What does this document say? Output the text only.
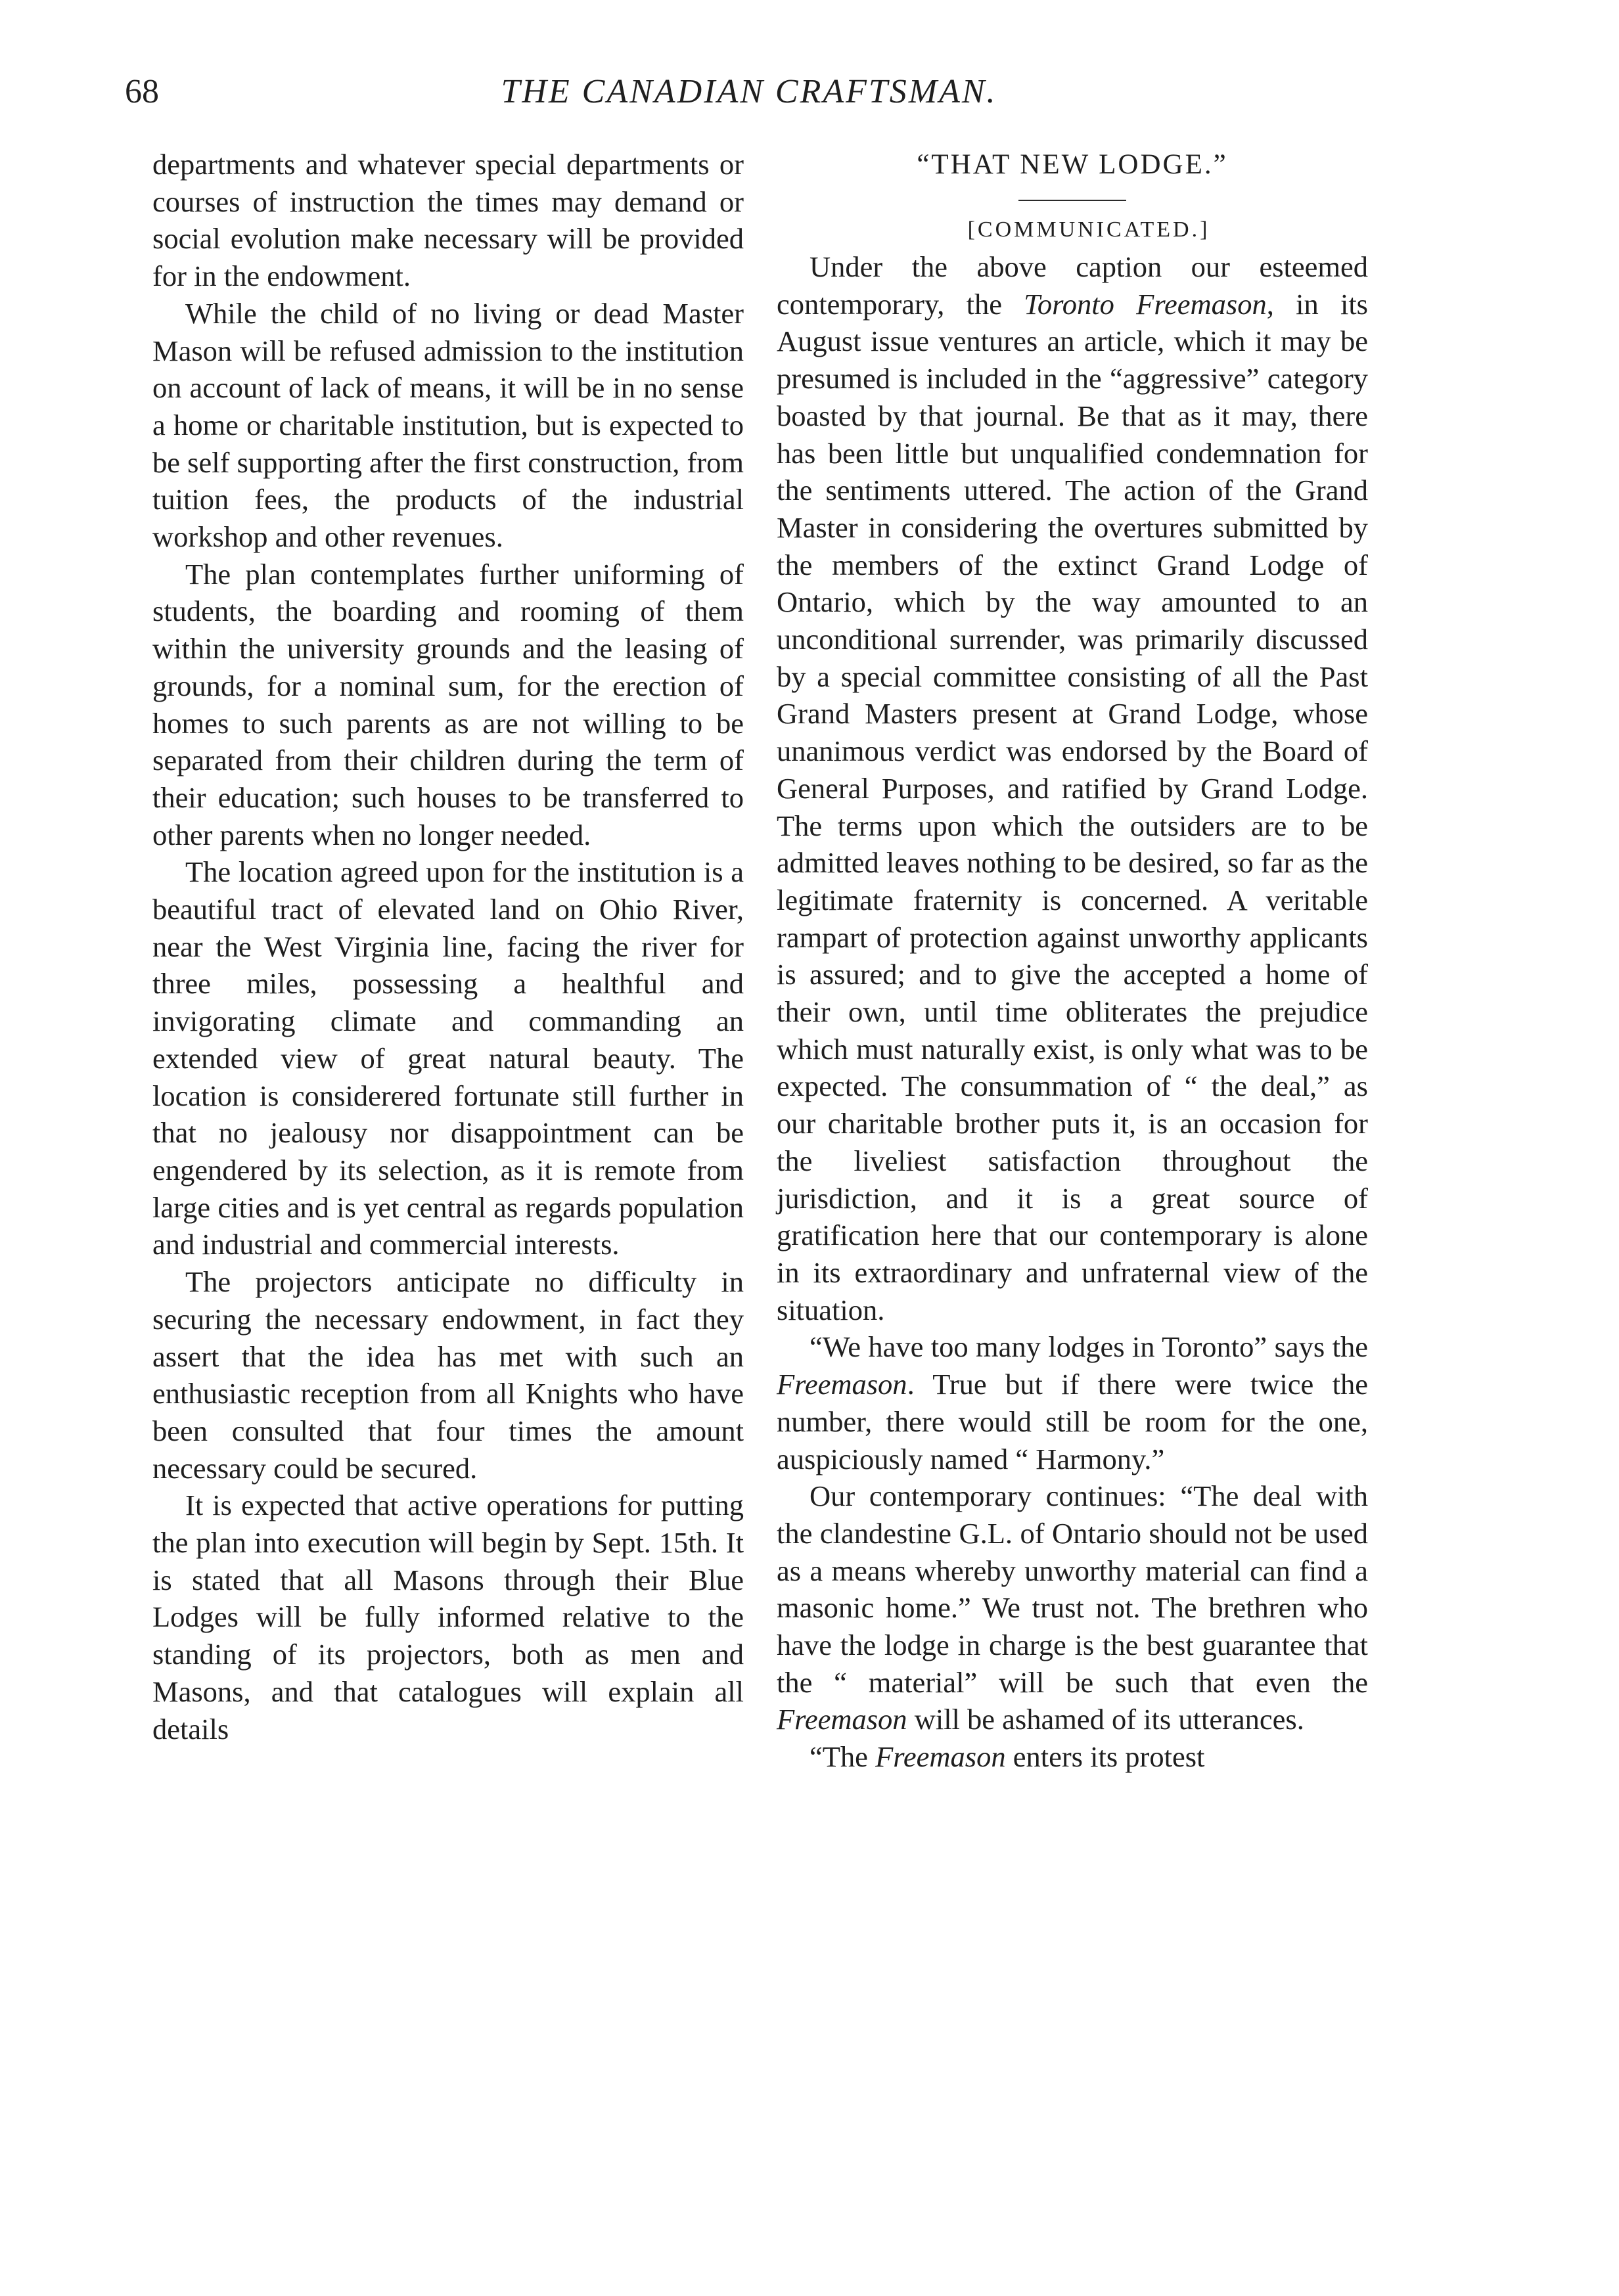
68	THE CANADIAN CRAFTSMAN.

departments and whatever special departments or courses of instruction the times may demand or social evolution make necessary will be provided for in the endowment.

While the child of no living or dead Master Mason will be refused admission to the institution on account of lack of means, it will be in no sense a home or charitable institution, but is expected to be self supporting after the first construction, from tuition fees, the products of the industrial workshop and other revenues.

The plan contemplates further uniforming of students, the boarding and rooming of them within the university grounds and the leasing of grounds, for a nominal sum, for the erection of homes to such parents as are not willing to be separated from their children during the term of their education; such houses to be transferred to other parents when no longer needed.

The location agreed upon for the institution is a beautiful tract of elevated land on Ohio River, near the West Virginia line, facing the river for three miles, possessing a healthful and invigorating climate and commanding an extended view of great natural beauty. The location is considerered fortunate still further in that no jealousy nor disappointment can be engendered by its selection, as it is remote from large cities and is yet central as regards population and industrial and commercial interests.

The projectors anticipate no difficulty in securing the necessary endowment, in fact they assert that the idea has met with such an enthusiastic reception from all Knights who have been consulted that four times the amount necessary could be secured.

It is expected that active operations for putting the plan into execution will begin by Sept. 15th. It is stated that all Masons through their Blue Lodges will be fully informed relative to the standing of its projectors, both as men and Masons, and that catalogues will explain all details

“THAT NEW LODGE.”

[COMMUNICATED.]

Under the above caption our esteemed contemporary, the Toronto Freemason, in its August issue ventures an article, which it may be presumed is included in the “aggressive” category boasted by that journal. Be that as it may, there has been little but unqualified condemnation for the sentiments uttered. The action of the Grand Master in considering the overtures submitted by the members of the extinct Grand Lodge of Ontario, which by the way amounted to an unconditional surrender, was primarily discussed by a special committee consisting of all the Past Grand Masters present at Grand Lodge, whose unanimous verdict was endorsed by the Board of General Purposes, and ratified by Grand Lodge. The terms upon which the outsiders are to be admitted leaves nothing to be desired, so far as the legitimate fraternity is concerned. A veritable rampart of protection against unworthy applicants is assured; and to give the accepted a home of their own, until time obliterates the prejudice which must naturally exist, is only what was to be expected. The consummation of “ the deal,” as our charitable brother puts it, is an occasion for the liveliest satisfaction throughout the jurisdiction, and it is a great source of gratification here that our contemporary is alone in its extraordinary and unfraternal view of the situation.

“We have too many lodges in Toronto” says the Freemason. True but if there were twice the number, there would still be room for the one, auspiciously named “ Harmony.”

Our contemporary continues: “The deal with the clandestine G.L. of Ontario should not be used as a means whereby unworthy material can find a masonic home.” We trust not. The brethren who have the lodge in charge is the best guarantee that the “ material” will be such that even the Freemason will be ashamed of its utterances.

“The Freemason enters its protest
